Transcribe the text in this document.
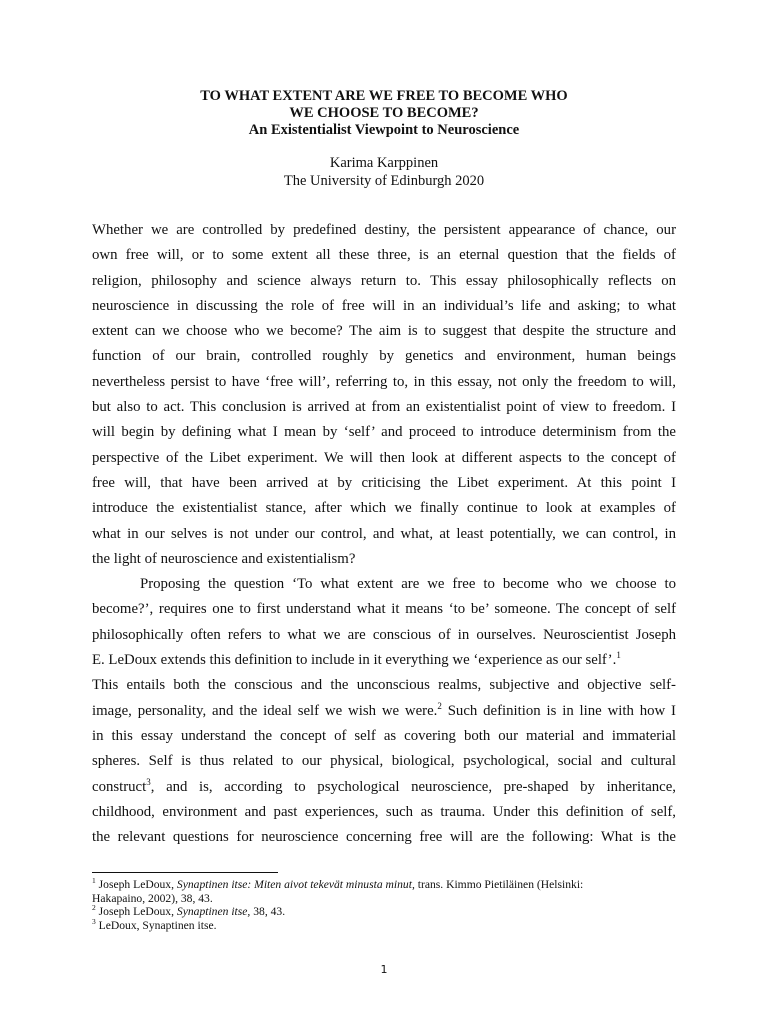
TO WHAT EXTENT ARE WE FREE TO BECOME WHO
WE CHOOSE TO BECOME?
An Existentialist Viewpoint to Neuroscience
Karima Karppinen
The University of Edinburgh 2020
Whether we are controlled by predefined destiny, the persistent appearance of chance, our
own free will, or to some extent all these three, is an eternal question that the fields of
religion, philosophy and science always return to. This essay philosophically reflects on
neuroscience in discussing the role of free will in an individual’s life and asking; to what
extent can we choose who we become? The aim is to suggest that despite the structure and
function of our brain, controlled roughly by genetics and environment, human beings
nevertheless persist to have ‘free will’, referring to, in this essay, not only the freedom to will,
but also to act. This conclusion is arrived at from an existentialist point of view to freedom. I
will begin by defining what I mean by ‘self’ and proceed to introduce determinism from the
perspective of the Libet experiment. We will then look at different aspects to the concept of
free will, that have been arrived at by criticising the Libet experiment. At this point I
introduce the existentialist stance, after which we finally continue to look at examples of
what in our selves is not under our control, and what, at least potentially, we can control, in
the light of neuroscience and existentialism?
Proposing the question ‘To what extent are we free to become who we choose to
become?’, requires one to first understand what it means ‘to be’ someone. The concept of self
philosophically often refers to what we are conscious of in ourselves. Neuroscientist Joseph
E. LeDoux extends this definition to include in it everything we ‘experience as our self’.$^1$
This entails both the conscious and the unconscious realms, subjective and objective self-
image, personality, and the ideal self we wish we were.$^2$ Such definition is in line with how I
in this essay understand the concept of self as covering both our material and immaterial
spheres. Self is thus related to our physical, biological, psychological, social and cultural
construct$^3$, and is, according to psychological neuroscience, pre-shaped by inheritance,
childhood, environment and past experiences, such as trauma. Under this definition of self,
the relevant questions for neuroscience concerning free will are the following: What is the
$^1$ Joseph LeDoux, Synaptinen itse: Miten aivot tekevät minusta minut, trans. Kimmo Pietiläinen (Helsinki:
Hakapaino, 2002), 38, 43.
$^2$ Joseph LeDoux, Synaptinen itse, 38, 43.
$^3$ LeDoux, Synaptinen itse.
1
